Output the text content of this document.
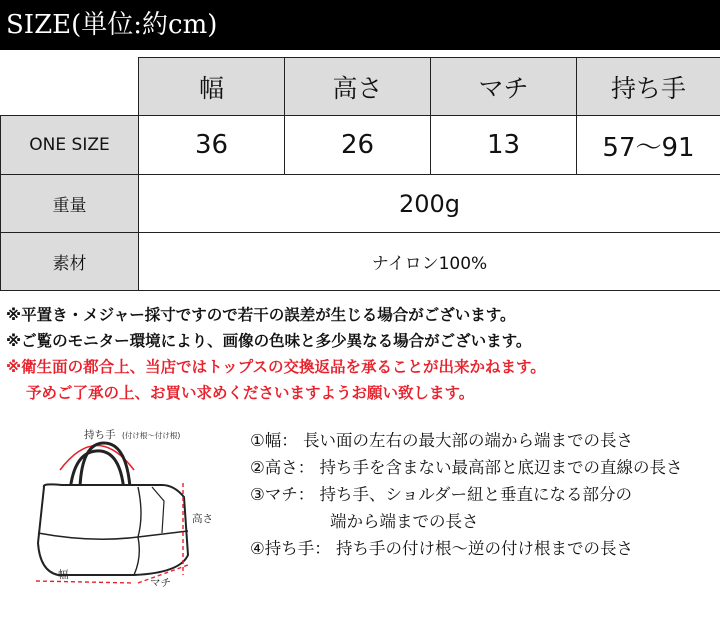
SIZE(単位:約cm)
	幅	高さ	マチ	持ち手
ONE SIZE	36	26	13	57〜91
重量	200g			
素材	ナイロン100%			
※平置き・メジャー採寸ですので若干の誤差が生じる場合がございます。
※ご覧のモニター環境により、画像の色味と多少異なる場合がございます。
※衛生面の都合上、当店ではトップスの交換返品を承ることが出来かねます。
予めご了承の上、お買い求めくださいますようお願い致します。
持ち手 (付け根〜付け根)
高さ
幅
マチ
①幅： 長い面の左右の最大部の端から端までの長さ
②高さ： 持ち手を含まない最高部と底辺までの直線の長さ
③マチ： 持ち手、ショルダー紐と垂直になる部分の
端から端までの長さ
④持ち手： 持ち手の付け根〜逆の付け根までの長さ
